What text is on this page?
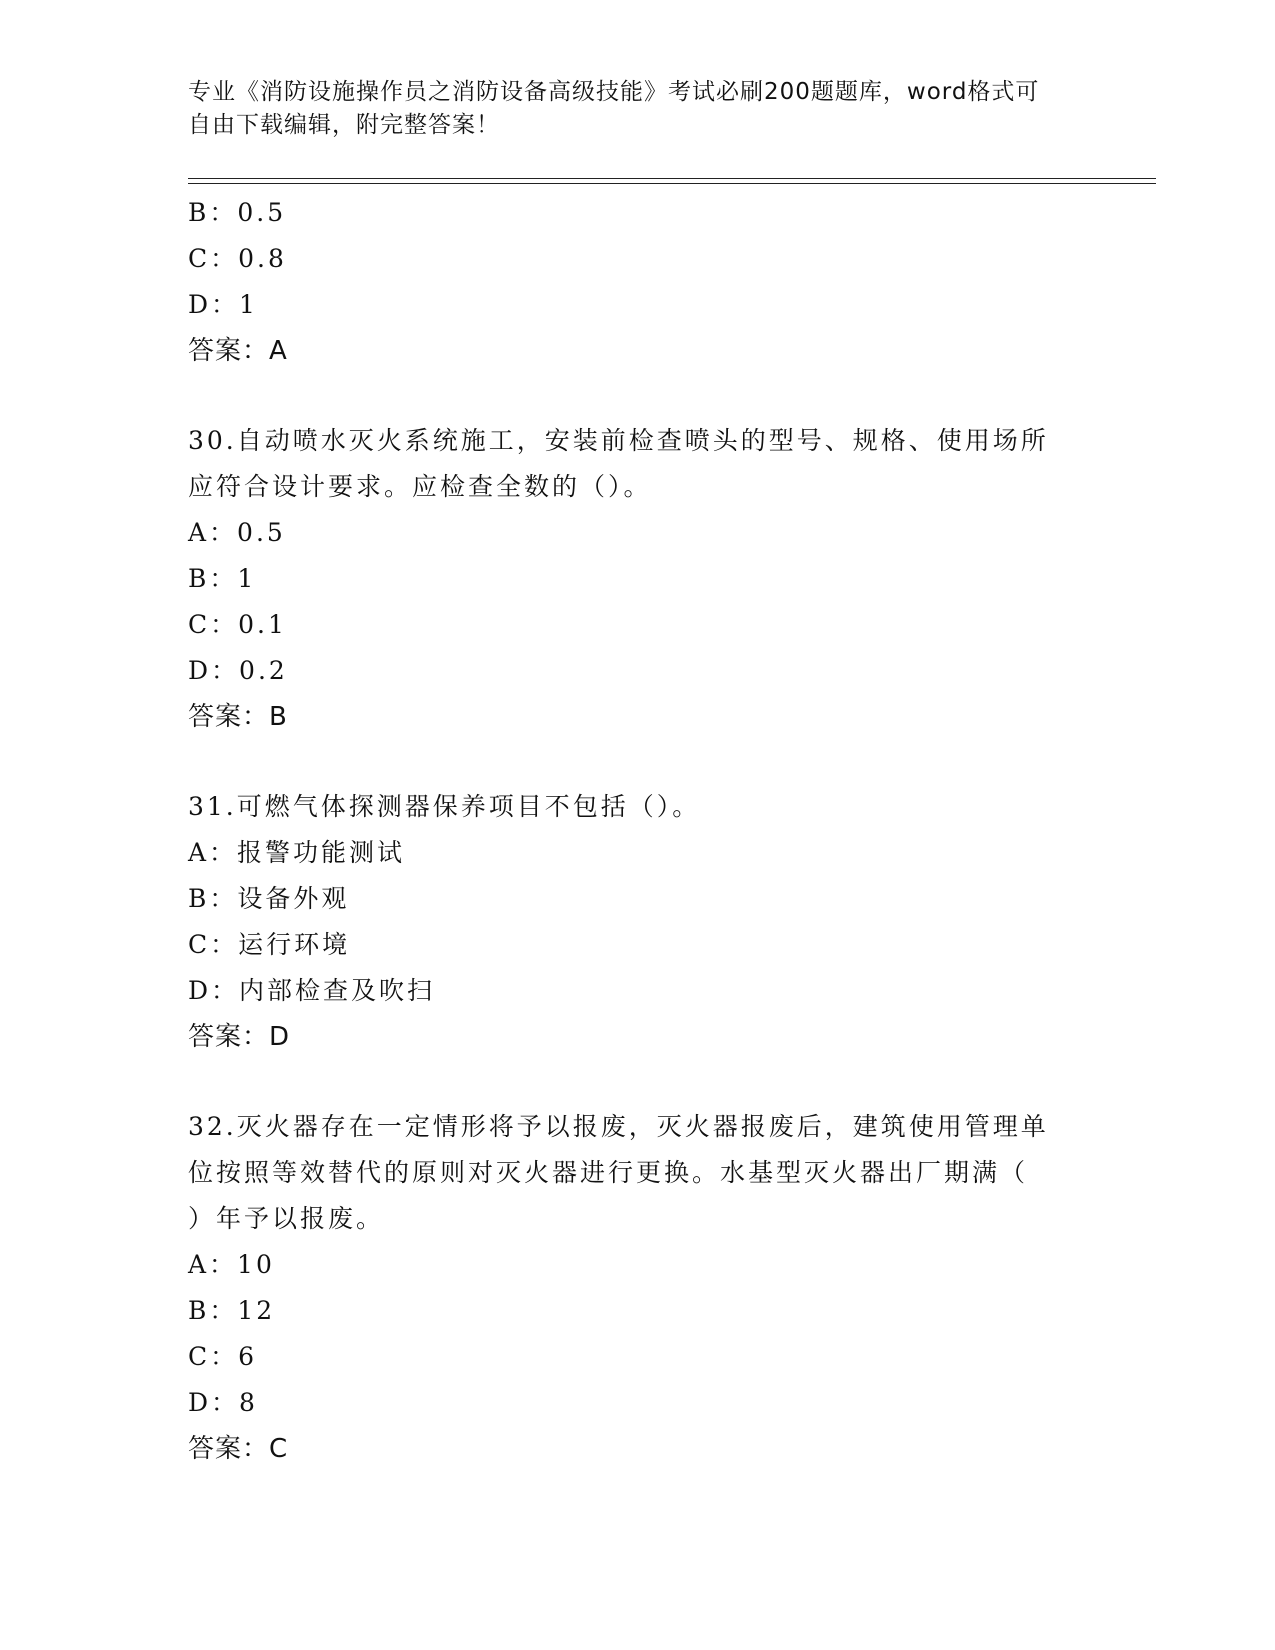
专业《消防设施操作员之消防设备高级技能》考试必刷200题题库，word格式可
自由下载编辑，附完整答案！
B：0.5
C：0.8
D：1
答案：A
30.自动喷水灭火系统施工，安装前检查喷头的型号、规格、使用场所
应符合设计要求。应检查全数的（）。
A：0.5
B：1
C：0.1
D：0.2
答案：B
31.可燃气体探测器保养项目不包括（）。
A：报警功能测试
B：设备外观
C：运行环境
D：内部检查及吹扫
答案：D
32.灭火器存在一定情形将予以报废，灭火器报废后，建筑使用管理单
位按照等效替代的原则对灭火器进行更换。水基型灭火器出厂期满（
）年予以报废。
A：10
B：12
C：6
D：8
答案：C
